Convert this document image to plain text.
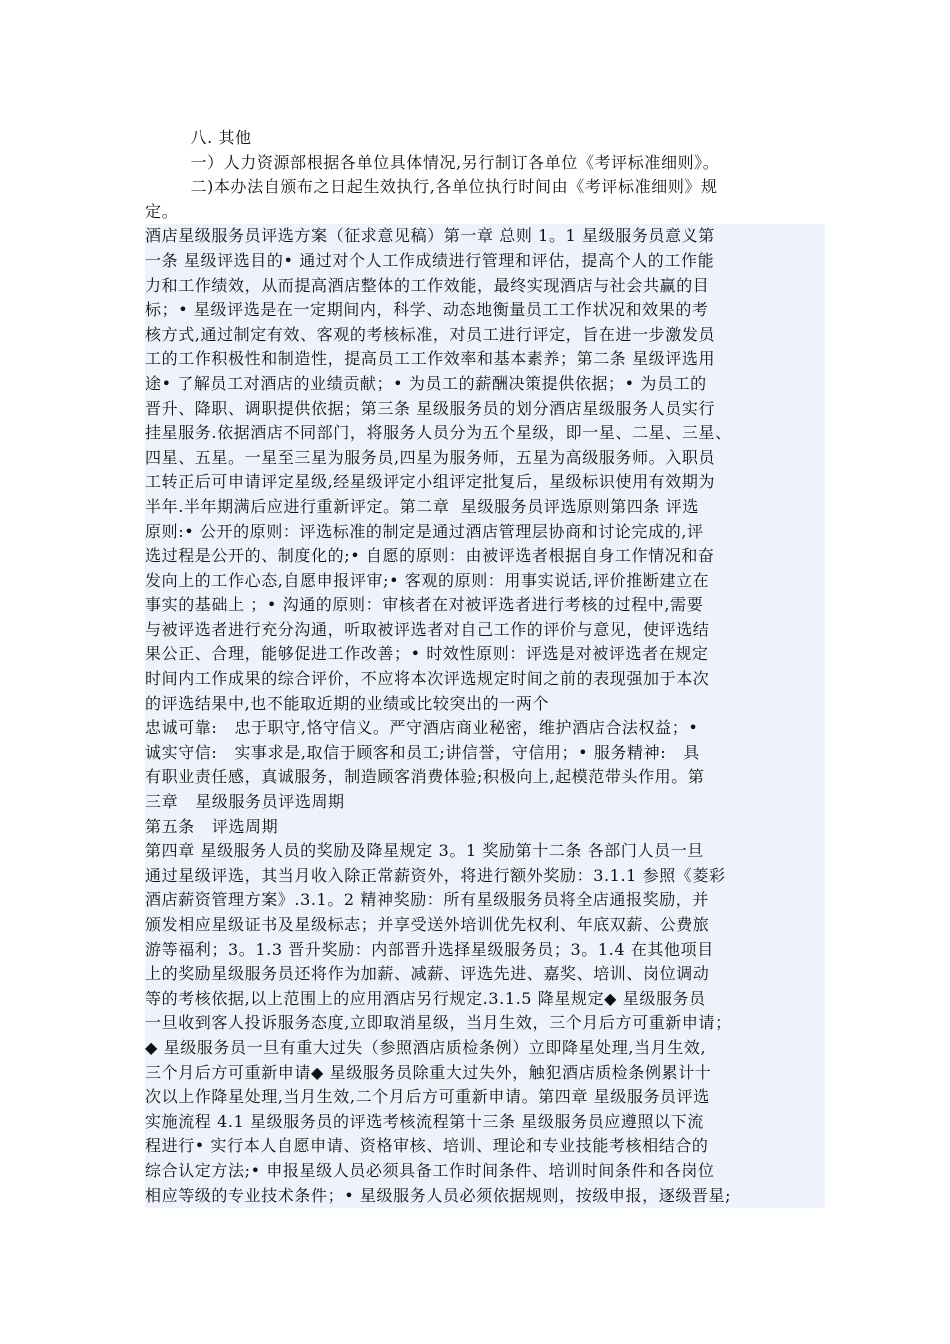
八. 其他
一）人力资源部根据各单位具体情况,另行制订各单位《考评标准细则》。
二)本办法自颁布之日起生效执行,各单位执行时间由《考评标准细则》规
定。
酒店星级服务员评选方案（征求意见稿）第一章 总则 1。1 星级服务员意义第
一条 星级评选目的• 通过对个人工作成绩进行管理和评估，提高个人的工作能
力和工作绩效，从而提高酒店整体的工作效能，最终实现酒店与社会共赢的目
标；• 星级评选是在一定期间内，科学、动态地衡量员工工作状况和效果的考
核方式,通过制定有效、客观的考核标准，对员工进行评定，旨在进一步激发员
工的工作积极性和制造性，提高员工工作效率和基本素养；第二条 星级评选用
途• 了解员工对酒店的业绩贡献；• 为员工的薪酬决策提供依据；• 为员工的
晋升、降职、调职提供依据；第三条 星级服务员的划分酒店星级服务人员实行
挂星服务.依据酒店不同部门，将服务人员分为五个星级，即一星、二星、三星、
四星、五星。一星至三星为服务员,四星为服务师，五星为高级服务师。入职员
工转正后可申请评定星级,经星级评定小组评定批复后，星级标识使用有效期为
半年.半年期满后应进行重新评定。第二章  星级服务员评选原则第四条 评选
原则:• 公开的原则：评选标准的制定是通过酒店管理层协商和讨论完成的,评
选过程是公开的、制度化的;• 自愿的原则：由被评选者根据自身工作情况和奋
发向上的工作心态,自愿申报评审;• 客观的原则：用事实说话,评价推断建立在
事实的基础上 ；• 沟通的原则：审核者在对被评选者进行考核的过程中,需要
与被评选者进行充分沟通，听取被评选者对自己工作的评价与意见，使评选结
果公正、合理，能够促进工作改善；• 时效性原则：评选是对被评选者在规定
时间内工作成果的综合评价，不应将本次评选规定时间之前的表现强加于本次
的评选结果中,也不能取近期的业绩或比较突出的一两个
忠诚可靠:   忠于职守,恪守信义。严守酒店商业秘密，维护酒店合法权益；•
诚实守信:   实事求是,取信于顾客和员工;讲信誉，守信用；• 服务精神:   具
有职业责任感，真诚服务，制造顾客消费体验;积极向上,起模范带头作用。第
三章   星级服务员评选周期
第五条   评选周期
第四章 星级服务人员的奖励及降星规定 3。1 奖励第十二条 各部门人员一旦
通过星级评选，其当月收入除正常薪资外，将进行额外奖励：3.1.1 参照《菱彩
酒店薪资管理方案》.3.1。2 精神奖励：所有星级服务员将全店通报奖励，并
颁发相应星级证书及星级标志；并享受送外培训优先权利、年底双薪、公费旅
游等福利；3。1.3 晋升奖励：内部晋升选择星级服务员；3。1.4 在其他项目
上的奖励星级服务员还将作为加薪、减薪、评选先进、嘉奖、培训、岗位调动
等的考核依据,以上范围上的应用酒店另行规定.3.1.5 降星规定◆ 星级服务员
一旦收到客人投诉服务态度,立即取消星级，当月生效，三个月后方可重新申请；
◆ 星级服务员一旦有重大过失（参照酒店质检条例）立即降星处理,当月生效,
三个月后方可重新申请◆ 星级服务员除重大过失外，触犯酒店质检条例累计十
次以上作降星处理,当月生效,二个月后方可重新申请。第四章 星级服务员评选
实施流程 4.1 星级服务员的评选考核流程第十三条 星级服务员应遵照以下流
程进行• 实行本人自愿申请、资格审核、培训、理论和专业技能考核相结合的
综合认定方法;• 申报星级人员必须具备工作时间条件、培训时间条件和各岗位
相应等级的专业技术条件；• 星级服务人员必须依据规则，按级申报，逐级晋星;
